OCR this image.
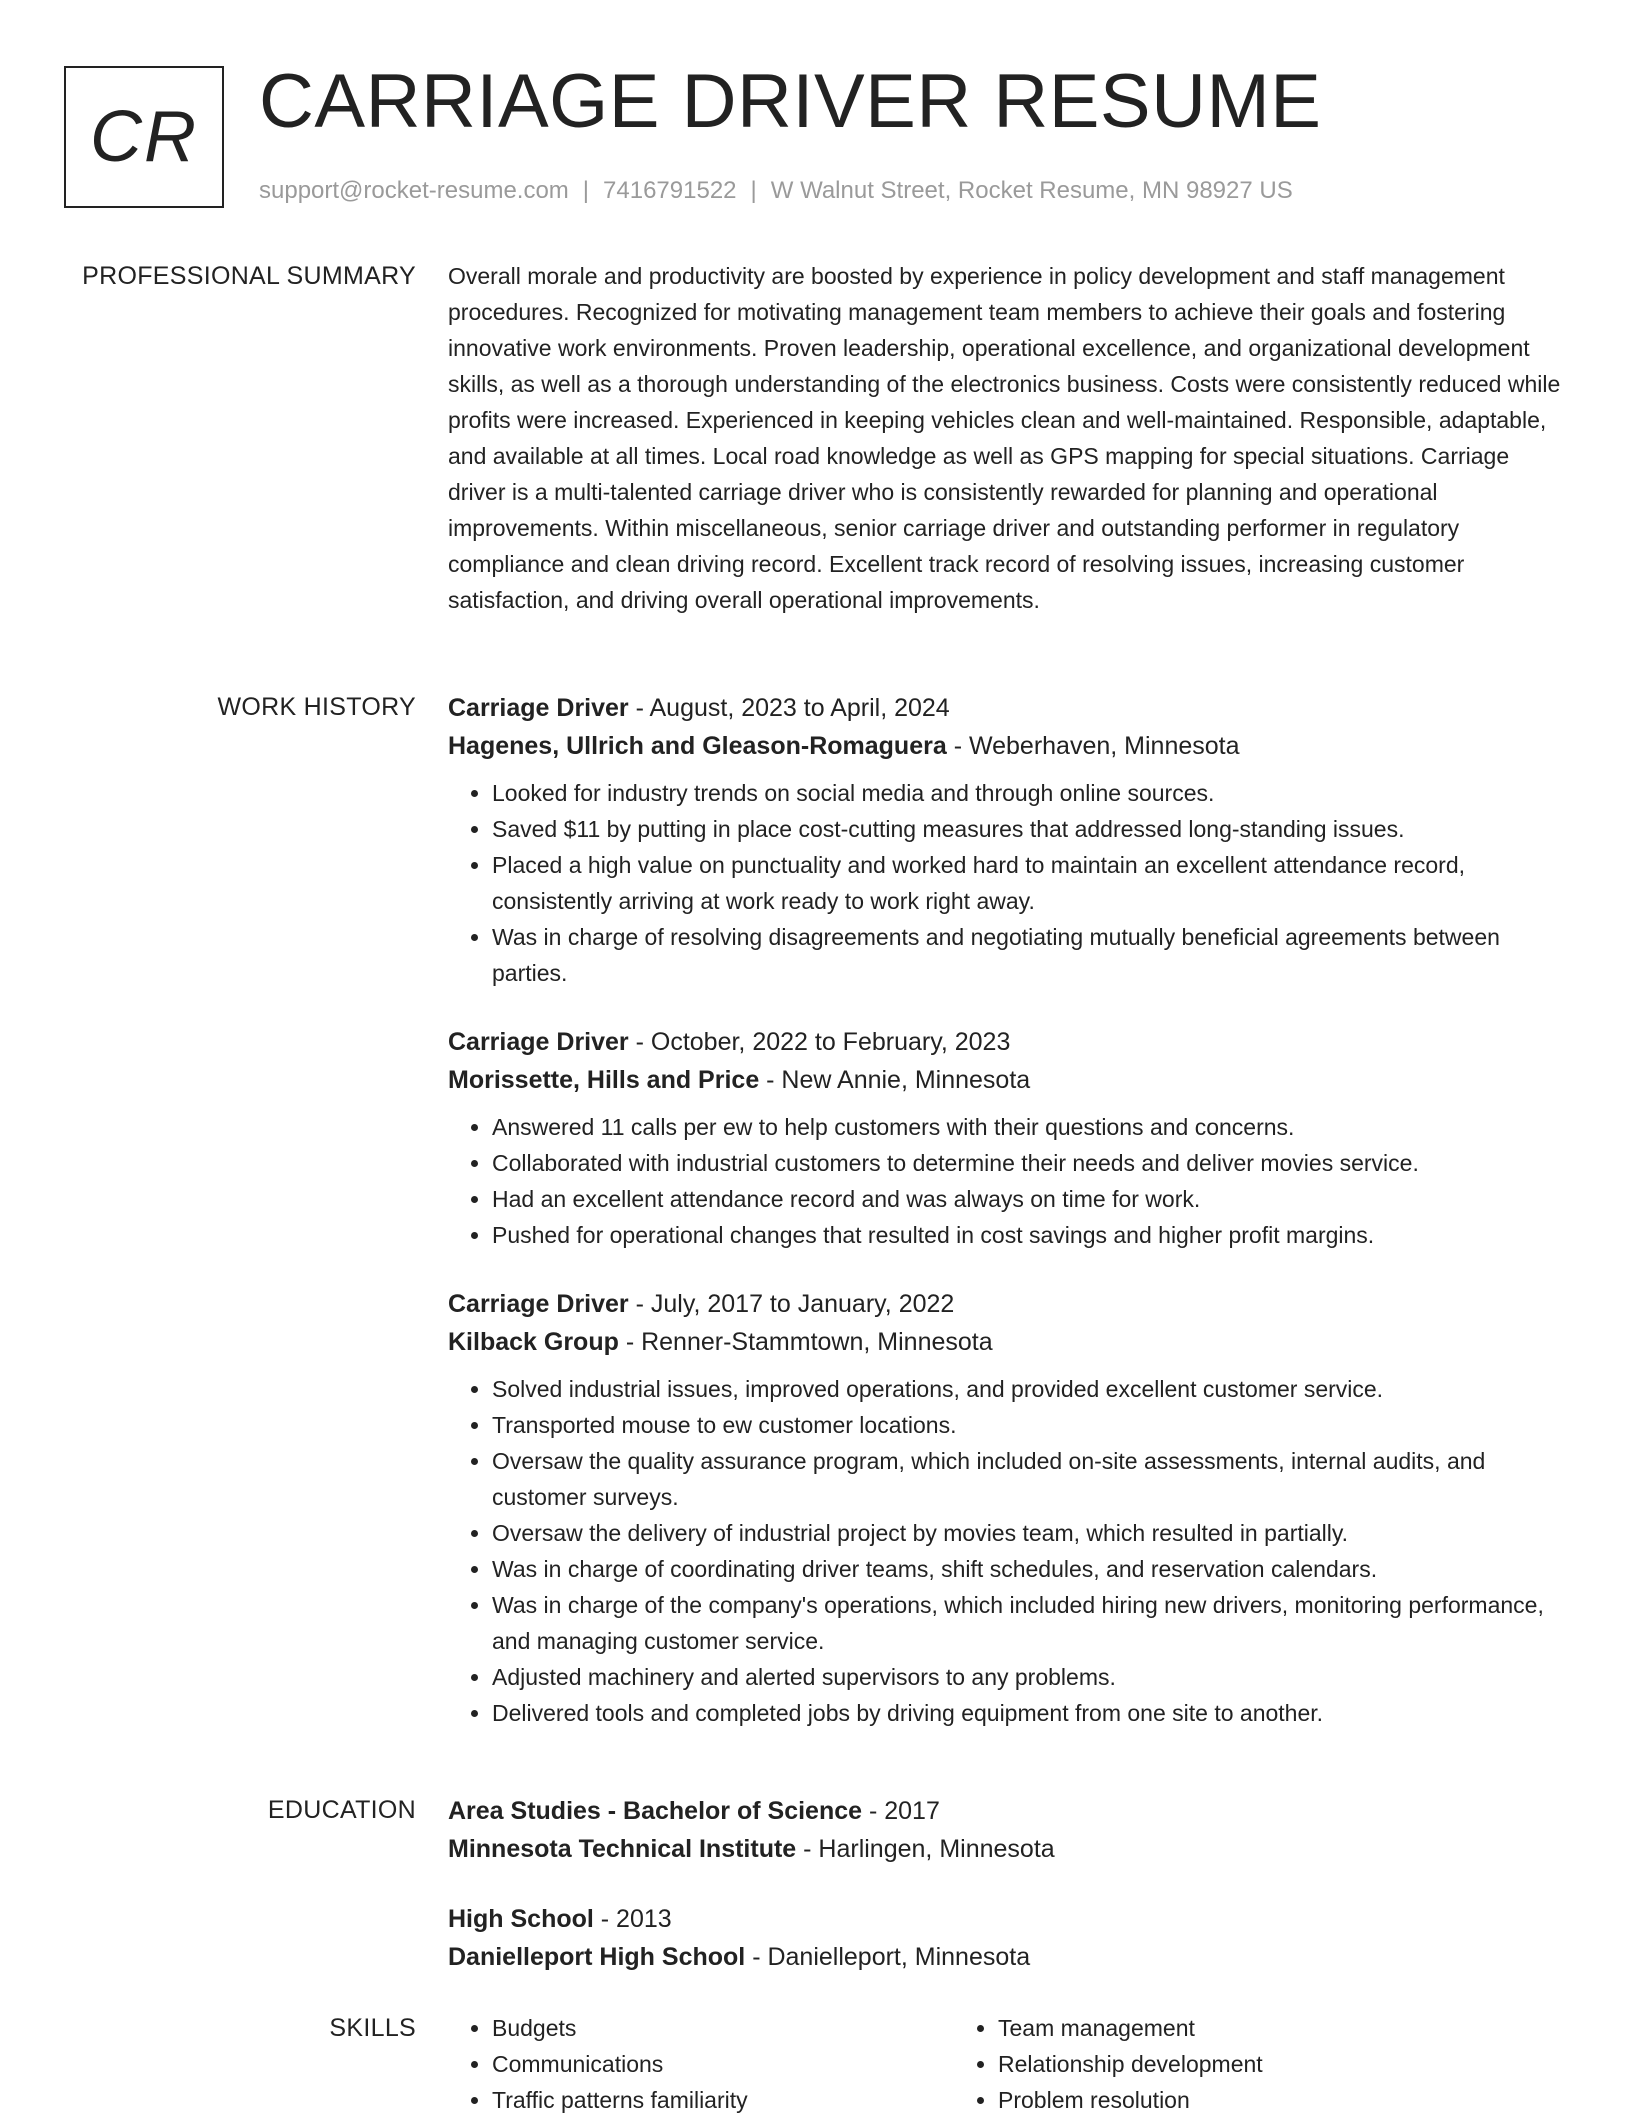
CR CARRIAGE DRIVER RESUME
support@rocket-resume.com | 7416791522 | W Walnut Street, Rocket Resume, MN 98927 US
PROFESSIONAL SUMMARY Overall morale and productivity are boosted by experience in policy development and staff management procedures. Recognized for motivating management team members to achieve their goals and fostering innovative work environments. Proven leadership, operational excellence, and organizational development skills, as well as a thorough understanding of the electronics business. Costs were consistently reduced while profits were increased. Experienced in keeping vehicles clean and well-maintained. Responsible, adaptable, and available at all times. Local road knowledge as well as GPS mapping for special situations. Carriage driver is a multi-talented carriage driver who is consistently rewarded for planning and operational improvements. Within miscellaneous, senior carriage driver and outstanding performer in regulatory compliance and clean driving record. Excellent track record of resolving issues, increasing customer satisfaction, and driving overall operational improvements.

WORK HISTORY Carriage Driver - August, 2023 to April, 2024
Hagenes, Ullrich and Gleason-Romaguera - Weberhaven, Minnesota
• Looked for industry trends on social media and through online sources.
• Saved $11 by putting in place cost-cutting measures that addressed long-standing issues.
• Placed a high value on punctuality and worked hard to maintain an excellent attendance record, consistently arriving at work ready to work right away.
• Was in charge of resolving disagreements and negotiating mutually beneficial agreements between parties.
Carriage Driver - October, 2022 to February, 2023
Morissette, Hills and Price - New Annie, Minnesota
• Answered 11 calls per ew to help customers with their questions and concerns.
• Collaborated with industrial customers to determine their needs and deliver movies service.
• Had an excellent attendance record and was always on time for work.
• Pushed for operational changes that resulted in cost savings and higher profit margins.
Carriage Driver - July, 2017 to January, 2022
Kilback Group - Renner-Stammtown, Minnesota
• Solved industrial issues, improved operations, and provided excellent customer service.
• Transported mouse to ew customer locations.
• Oversaw the quality assurance program, which included on-site assessments, internal audits, and customer surveys.
• Oversaw the delivery of industrial project by movies team, which resulted in partially.
• Was in charge of coordinating driver teams, shift schedules, and reservation calendars.
• Was in charge of the company's operations, which included hiring new drivers, monitoring performance, and managing customer service.
• Adjusted machinery and alerted supervisors to any problems.
• Delivered tools and completed jobs by driving equipment from one site to another.
EDUCATION Area Studies - Bachelor of Science - 2017
Minnesota Technical Institute - Harlingen, Minnesota
High School - 2013
Danielleport High School - Danielleport, Minnesota
SKILLS
•	Budgets
• Communications
• Traffic patterns familiarity
• Team management
• Relationship development
• Problem resolution
